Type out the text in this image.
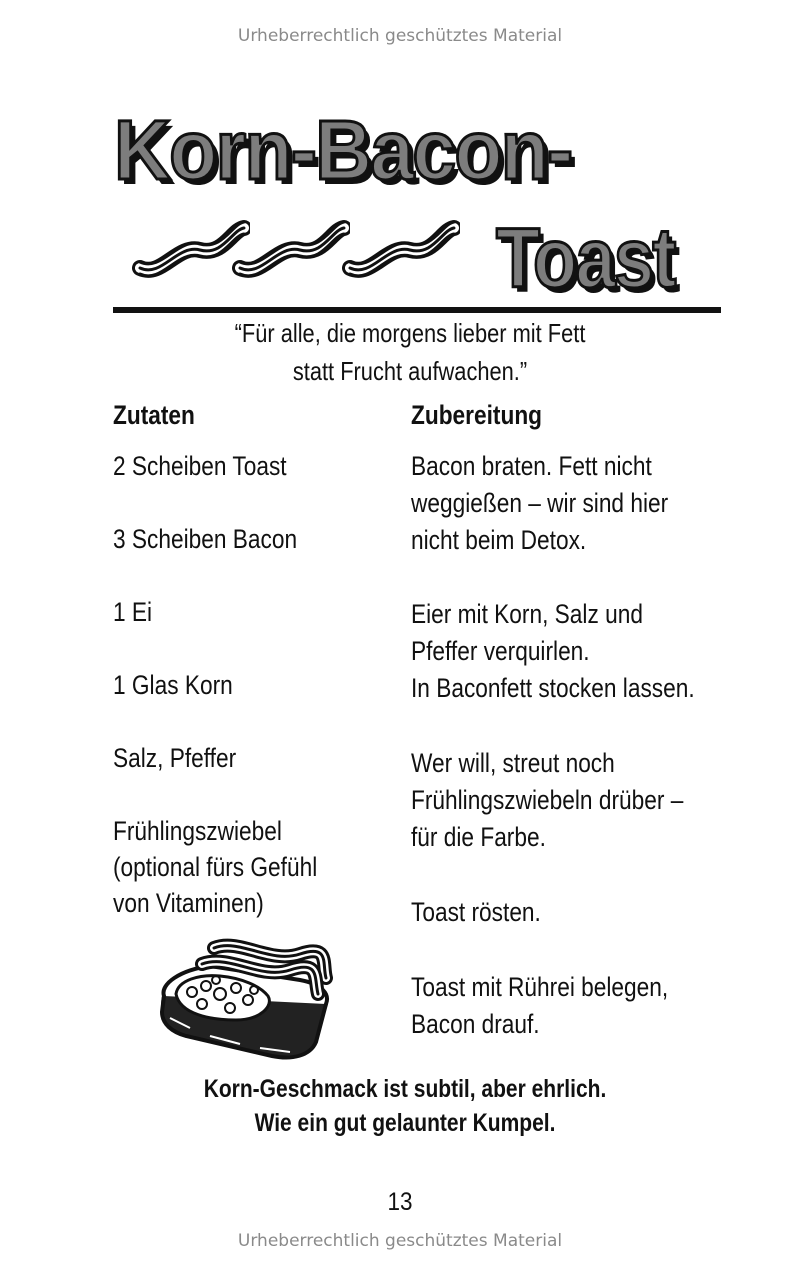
Urheberrechtlich geschütztes Material
Korn-Bacon-
Toast
“Für alle, die morgens lieber mit Fett
statt Frucht aufwachen.”
Zutaten	Zubereitung
2 Scheiben Toast
3 Scheiben Bacon
1 Ei
1 Glas Korn
Salz, Pfeffer
Frühlingszwiebel
(optional fürs Gefühl
von Vitaminen)
Bacon braten. Fett nicht
weggießen – wir sind hier
nicht beim Detox.
Eier mit Korn, Salz und
Pfeffer verquirlen.
In Baconfett stocken lassen.
Wer will, streut noch
Frühlingszwiebeln drüber –
für die Farbe.
Toast rösten.
Toast mit Rührei belegen,
Bacon drauf.
Korn-Geschmack ist subtil, aber ehrlich.
Wie ein gut gelaunter Kumpel.
13
Urheberrechtlich geschütztes Material
